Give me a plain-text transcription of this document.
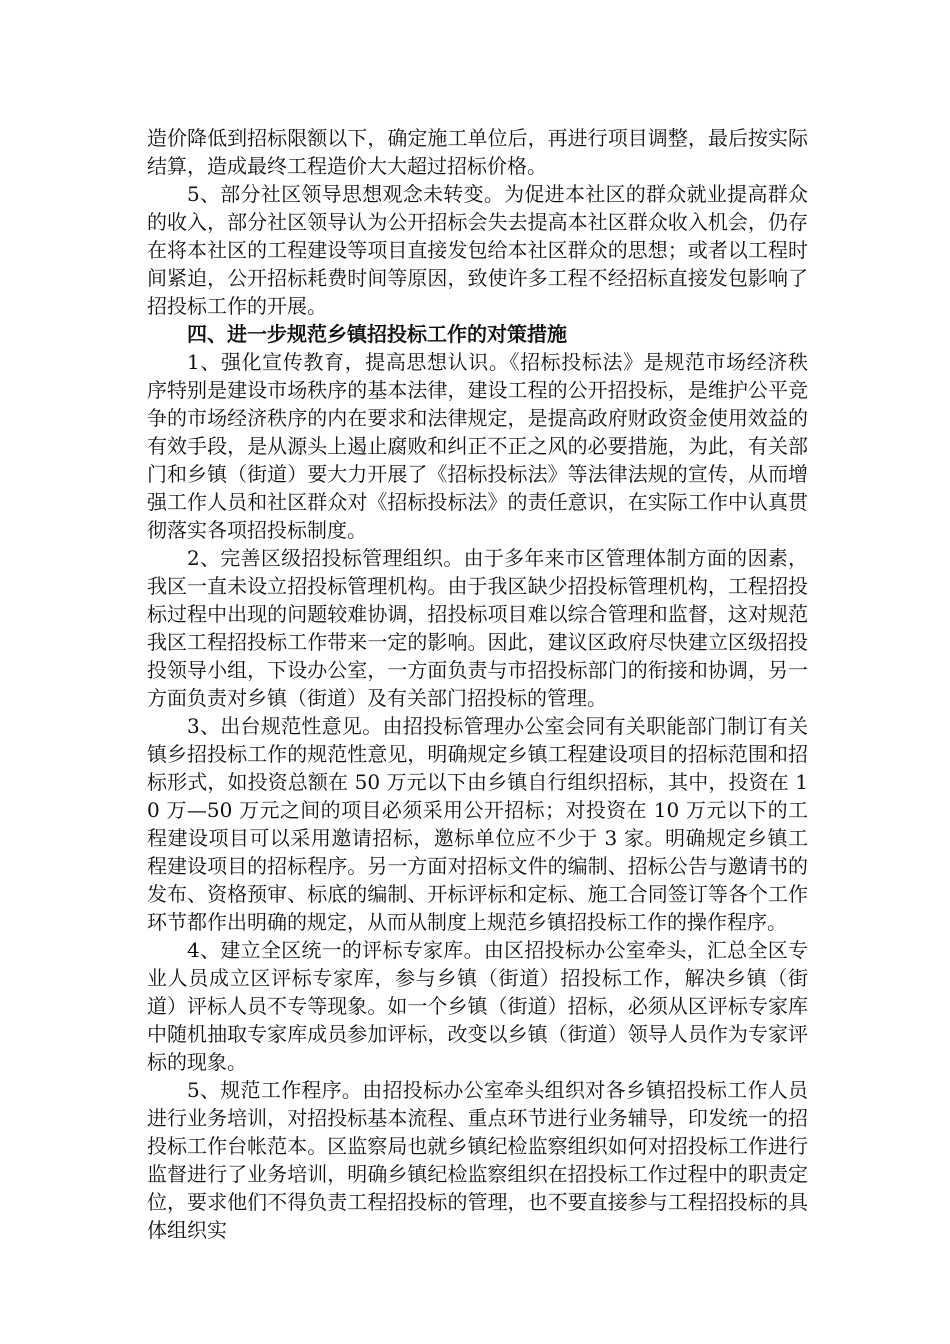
造价降低到招标限额以下，确定施工单位后，再进行项目调整，最后按实际结算，造成最终工程造价大大超过招标价格。

5、部分社区领导思想观念未转变。为促进本社区的群众就业提高群众的收入，部分社区领导认为公开招标会失去提高本社区群众收入机会，仍存在将本社区的工程建设等项目直接发包给本社区群众的思想；或者以工程时间紧迫，公开招标耗费时间等原因，致使许多工程不经招标直接发包影响了招投标工作的开展。

四、进一步规范乡镇招投标工作的对策措施

1、强化宣传教育，提高思想认识。《招标投标法》是规范市场经济秩序特别是建设市场秩序的基本法律，建设工程的公开招投标，是维护公平竞争的市场经济秩序的内在要求和法律规定，是提高政府财政资金使用效益的有效手段，是从源头上遏止腐败和纠正不正之风的必要措施，为此，有关部门和乡镇（街道）要大力开展了《招标投标法》等法律法规的宣传，从而增强工作人员和社区群众对《招标投标法》的责任意识，在实际工作中认真贯彻落实各项招投标制度。

2、完善区级招投标管理组织。由于多年来市区管理体制方面的因素，我区一直未设立招投标管理机构。由于我区缺少招投标管理机构，工程招投标过程中出现的问题较难协调，招投标项目难以综合管理和监督，这对规范我区工程招投标工作带来一定的影响。因此，建议区政府尽快建立区级招投投领导小组，下设办公室，一方面负责与市招投标部门的衔接和协调，另一方面负责对乡镇（街道）及有关部门招投标的管理。

3、出台规范性意见。由招投标管理办公室会同有关职能部门制订有关镇乡招投标工作的规范性意见，明确规定乡镇工程建设项目的招标范围和招标形式，如投资总额在 50 万元以下由乡镇自行组织招标，其中，投资在 10 万—50 万元之间的项目必须采用公开招标；对投资在 10 万元以下的工程建设项目可以采用邀请招标，邀标单位应不少于 3 家。明确规定乡镇工程建设项目的招标程序。另一方面对招标文件的编制、招标公告与邀请书的发布、资格预审、标底的编制、开标评标和定标、施工合同签订等各个工作环节都作出明确的规定，从而从制度上规范乡镇招投标工作的操作程序。

4、建立全区统一的评标专家库。由区招投标办公室牵头，汇总全区专业人员成立区评标专家库，参与乡镇（街道）招投标工作，解决乡镇（街道）评标人员不专等现象。如一个乡镇（街道）招标，必须从区评标专家库中随机抽取专家库成员参加评标，改变以乡镇（街道）领导人员作为专家评标的现象。

5、规范工作程序。由招投标办公室牵头组织对各乡镇招投标工作人员进行业务培训，对招投标基本流程、重点环节进行业务辅导，印发统一的招投标工作台帐范本。区监察局也就乡镇纪检监察组织如何对招投标工作进行监督进行了业务培训，明确乡镇纪检监察组织在招投标工作过程中的职责定位，要求他们不得负责工程招投标的管理，也不要直接参与工程招投标的具体组织实
